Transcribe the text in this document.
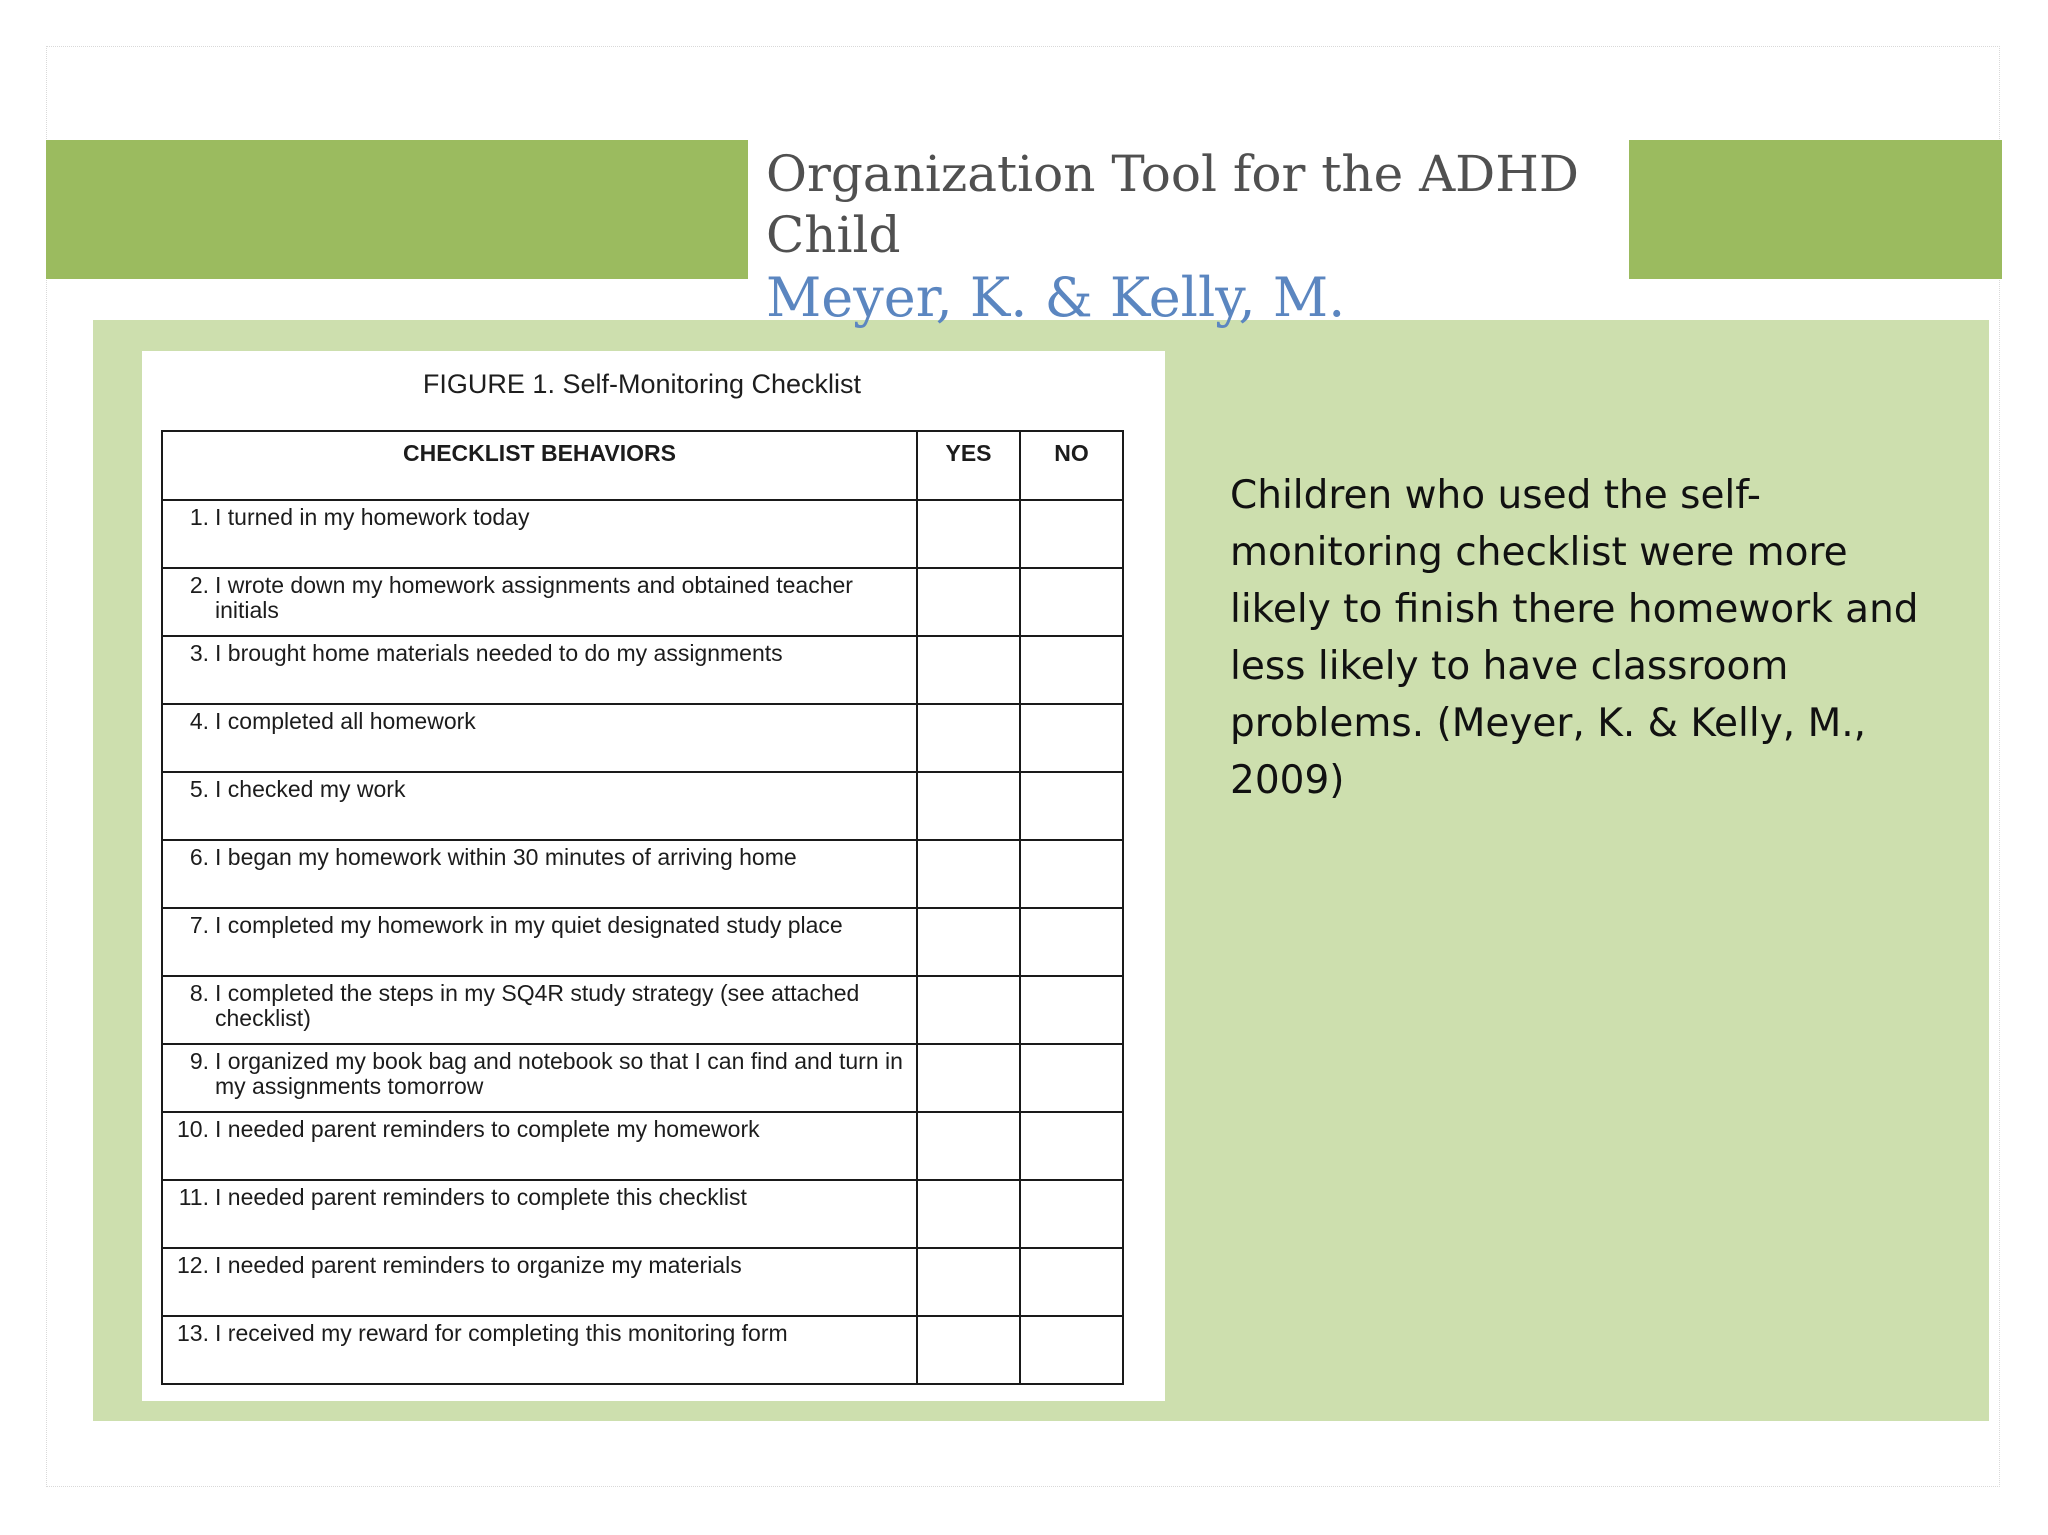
Organization Tool for the ADHD Child
Meyer, K. & Kelly, M.
FIGURE 1. Self-Monitoring Checklist
CHECKLIST BEHAVIORS	YES	NO
1. I turned in my homework today		
2. I wrote down my homework assignments and obtained teacher initials		
3. I brought home materials needed to do my assignments		
4. I completed all homework		
5. I checked my work		
6. I began my homework within 30 minutes of arriving home		
7. I completed my homework in my quiet designated study place		
8. I completed the steps in my SQ4R study strategy (see attached checklist)		
9. I organized my book bag and notebook so that I can find and turn in my assignments tomorrow		
10. I needed parent reminders to complete my homework		
11. I needed parent reminders to complete this checklist		
12. I needed parent reminders to organize my materials		
13. I received my reward for completing this monitoring form		

Children who used the self-monitoring checklist were more likely to finish there homework and less likely to have classroom problems. (Meyer, K. & Kelly, M., 2009)
